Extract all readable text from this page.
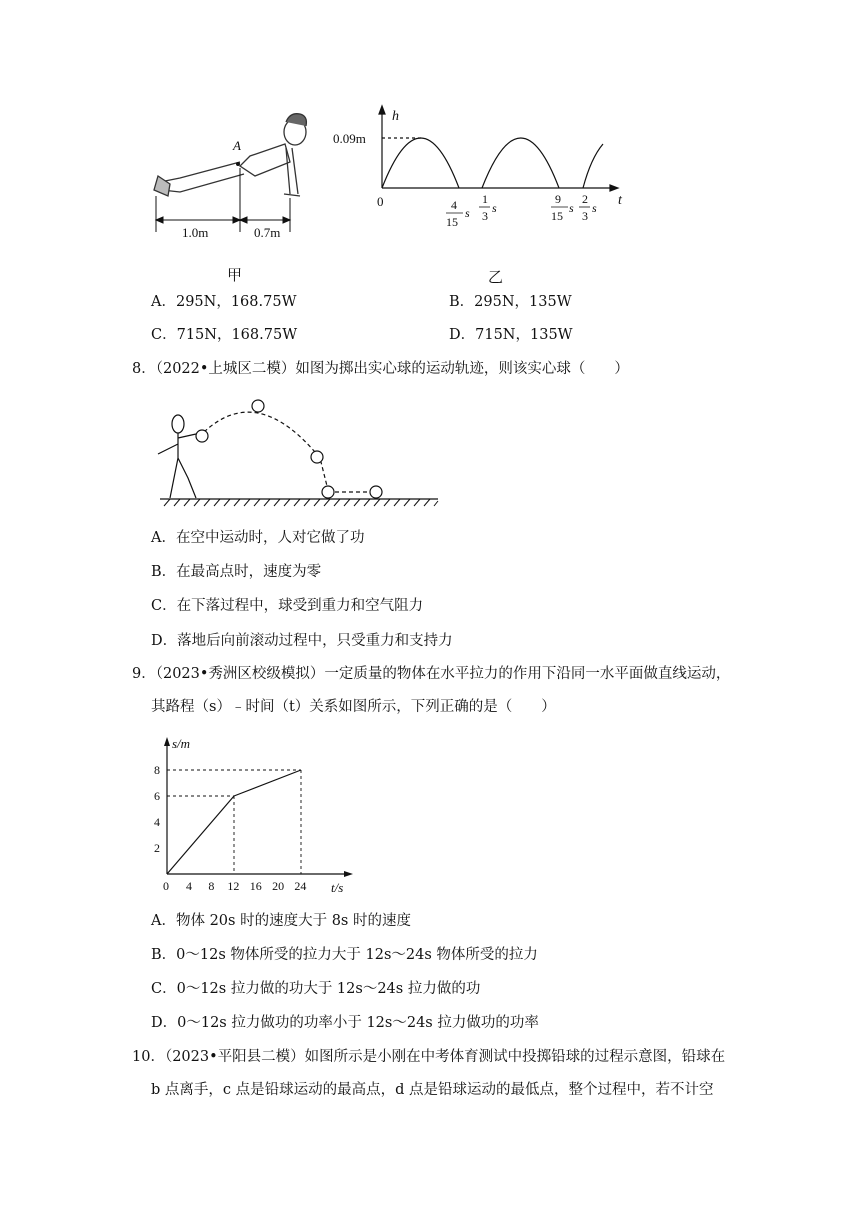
A
1.0m	0.7m
甲
h
t
0
0.09m
4
15
s
1
3
s
9
15
s
2
3
s
乙
A．295N，168.75W	B．295N，135W
C．715N，168.75W	D．715N，135W
8．（2022•上城区二模）如图为掷出实心球的运动轨迹，则该实心球（　　）
A．在空中运动时，人对它做了功
B．在最高点时，速度为零
C．在下落过程中，球受到重力和空气阻力
D．落地后向前滚动过程中，只受重力和支持力
9．（2023•秀洲区校级模拟）一定质量的物体在水平拉力的作用下沿同一水平面做直线运动，
其路程（s）﹣时间（t）关系如图所示，下列正确的是（　　）
s/m
t/s
0 4 8 12 16 20 24
2
4
6
8
A．物体 20s 时的速度大于 8s 时的速度
B．0～12s 物体所受的拉力大于 12s～24s 物体所受的拉力
C．0～12s 拉力做的功大于 12s～24s 拉力做的功
D．0～12s 拉力做功的功率小于 12s～24s 拉力做功的功率
10．（2023•平阳县二模）如图所示是小刚在中考体育测试中投掷铅球的过程示意图，铅球在
b 点离手，c 点是铅球运动的最高点，d 点是铅球运动的最低点，整个过程中，若不计空
